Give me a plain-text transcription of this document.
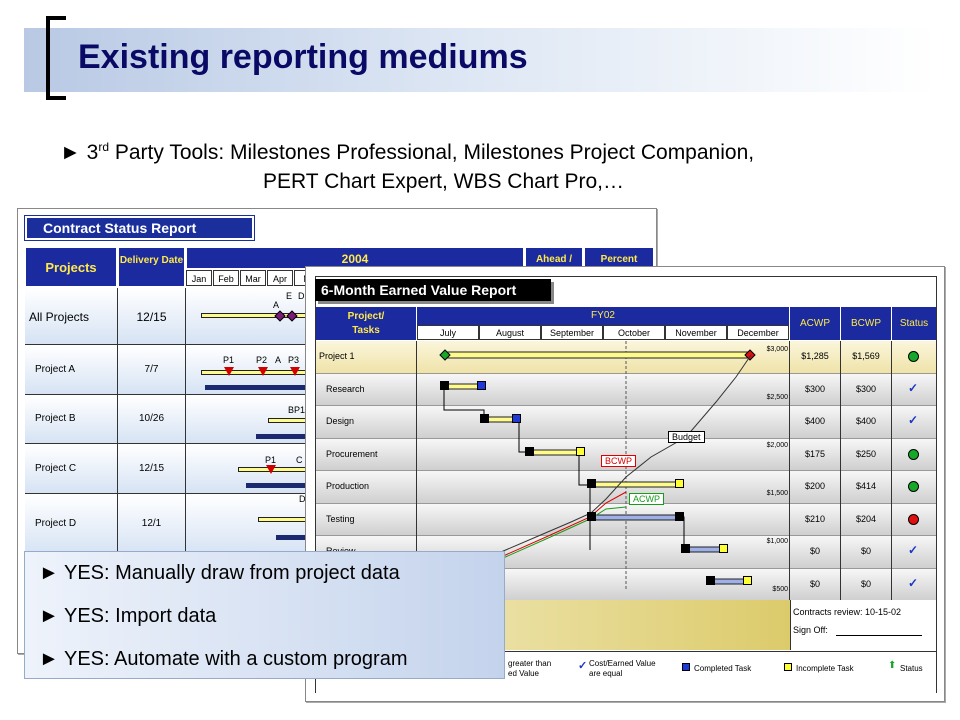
Existing reporting mediums
► 3rd Party Tools: Milestones Professional, Milestones Project Companion,
PERT Chart Expert, WBS Chart Pro,…
Contract Status Report
Projects	Delivery Date	2004	Ahead /	Percent
Jan	Feb	Mar	Apr
All Projects	12/15
Project A	7/7
Project B	10/26
Project C	12/15
Project D	12/1
A
E D
P1 P2 A P3
BP1
P1 C
D
6-Month Earned Value Report
Project/
Tasks
FY02
ACWP	BCWP	Status
July	August	September	October	November	December
Project 1	$1,285	$1,569
Research	$300	$300	✓
Design	$400	$400	✓
Procurement	$175	$250
Production	$200	$414
Testing	$210	$204
$0	$0	✓
$0	$0	✓
Budget
BCWP
ACWP
$3,000
$2,500
$2,000
$1,500
$1,000
$500
Contracts review: 10-15-02
Sign Off:
greater than
ed Value
✓ Cost/Earned Value
are equal
Completed Task	Incomplete Task	⬆ Status
► YES: Manually draw from project data
► YES: Import data
► YES: Automate with a custom program
